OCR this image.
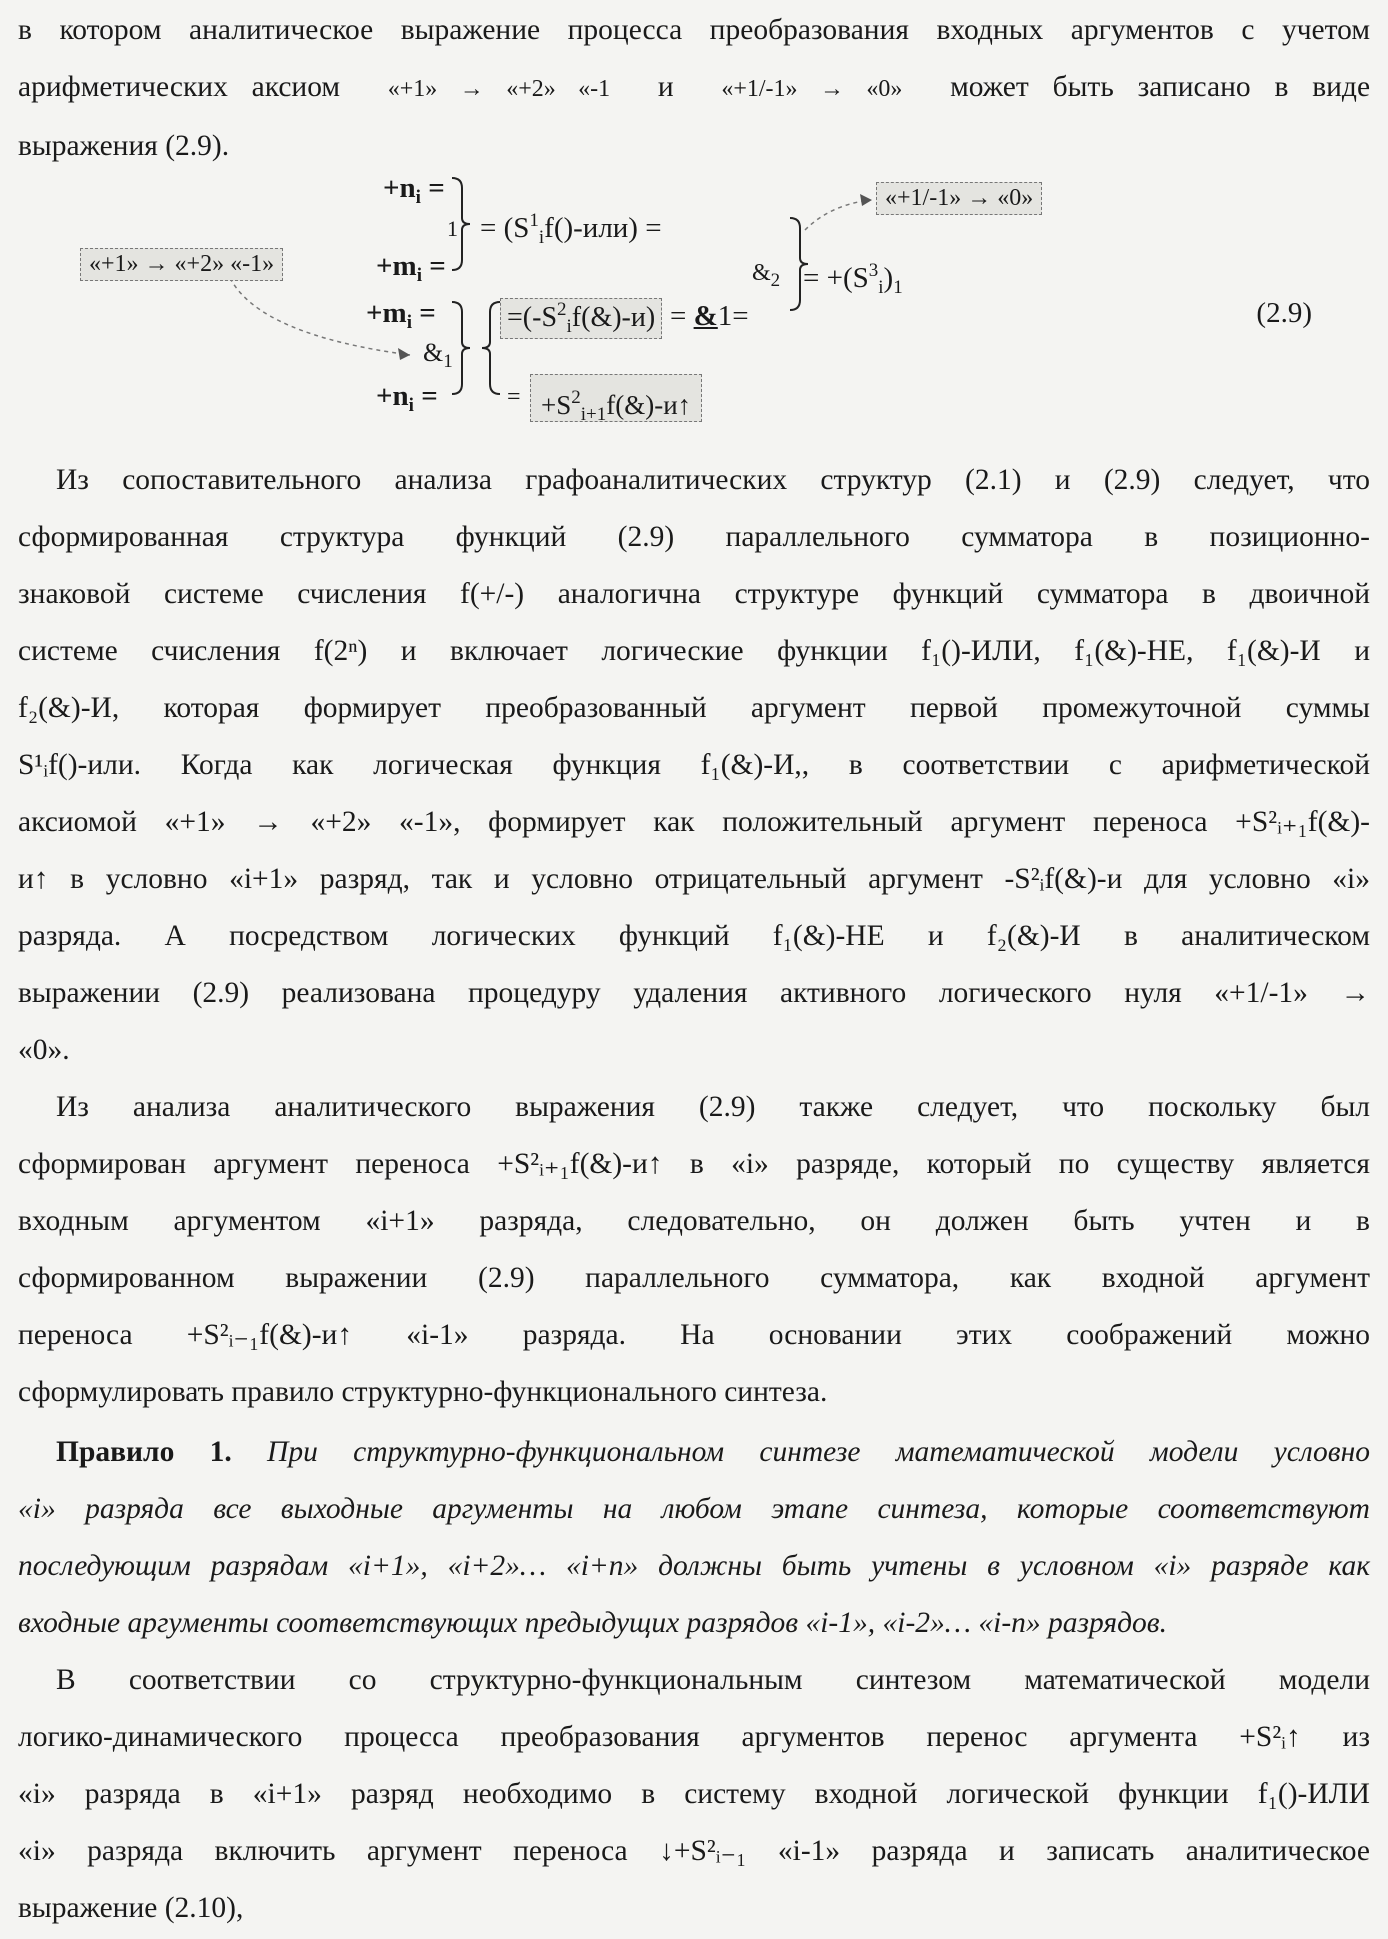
в котором аналитическое выражение процесса преобразования входных аргументов с учетом
арифметических аксиом «+1» → «+2» «-1 и «+1/-1» → «0» может быть записано в виде
выражения (2.9).
+ni =
1 = (S1if()-или) =
+mi =
«+1» → «+2» «-1»
«+1/-1» → «0»
&2 = +(S3i)1
+mi =	=(-S2if(&)-и) = &1=
&1
+ni =	= +S2i+1f(&)-и↑
(2.9)
Из сопоставительного анализа графоаналитических структур (2.1) и (2.9) следует, что
сформированная структура функций (2.9) параллельного сумматора в позиционно-
знаковой системе счисления f(+/-) аналогична структуре функций сумматора в двоичной
системе счисления f(2ⁿ) и включает логические функции f₁()-ИЛИ, f₁(&)-НЕ, f₁(&)-И и
f₂(&)-И, которая формирует преобразованный аргумент первой промежуточной суммы
S¹ᵢf()-или. Когда как логическая функция f₁(&)-И,, в соответствии с арифметической
аксиомой «+1» → «+2» «-1», формирует как положительный аргумент переноса +S²ᵢ₊₁f(&)-
и↑ в условно «i+1» разряд, так и условно отрицательный аргумент -S²ᵢf(&)-и для условно «i»
разряда. А посредством логических функций f₁(&)-НЕ и f₂(&)-И в аналитическом
выражении (2.9) реализована процедуру удаления активного логического нуля «+1/-1» →
«0».
Из анализа аналитического выражения (2.9) также следует, что поскольку был
сформирован аргумент переноса +S²ᵢ₊₁f(&)-и↑ в «i» разряде, который по существу является
входным аргументом «i+1» разряда, следовательно, он должен быть учтен и в
сформированном выражении (2.9) параллельного сумматора, как входной аргумент
переноса +S²ᵢ₋₁f(&)-и↑ «i-1» разряда. На основании этих соображений можно
сформулировать правило структурно-функционального синтеза.
Правило 1. При структурно-функциональном синтезе математической модели условно
«i» разряда все выходные аргументы на любом этапе синтеза, которые соответствуют
последующим разрядам «i+1», «i+2»… «i+n» должны быть учтены в условном «i» разряде как
входные аргументы соответствующих предыдущих разрядов «i-1», «i-2»… «i-n» разрядов.
В соответствии со структурно-функциональным синтезом математической модели
логико-динамического процесса преобразования аргументов перенос аргумента +S²ᵢ↑ из
«i» разряда в «i+1» разряд необходимо в систему входной логической функции f₁()-ИЛИ
«i» разряда включить аргумент переноса ↓+S²ᵢ₋₁ «i-1» разряда и записать аналитическое
выражение (2.10),
